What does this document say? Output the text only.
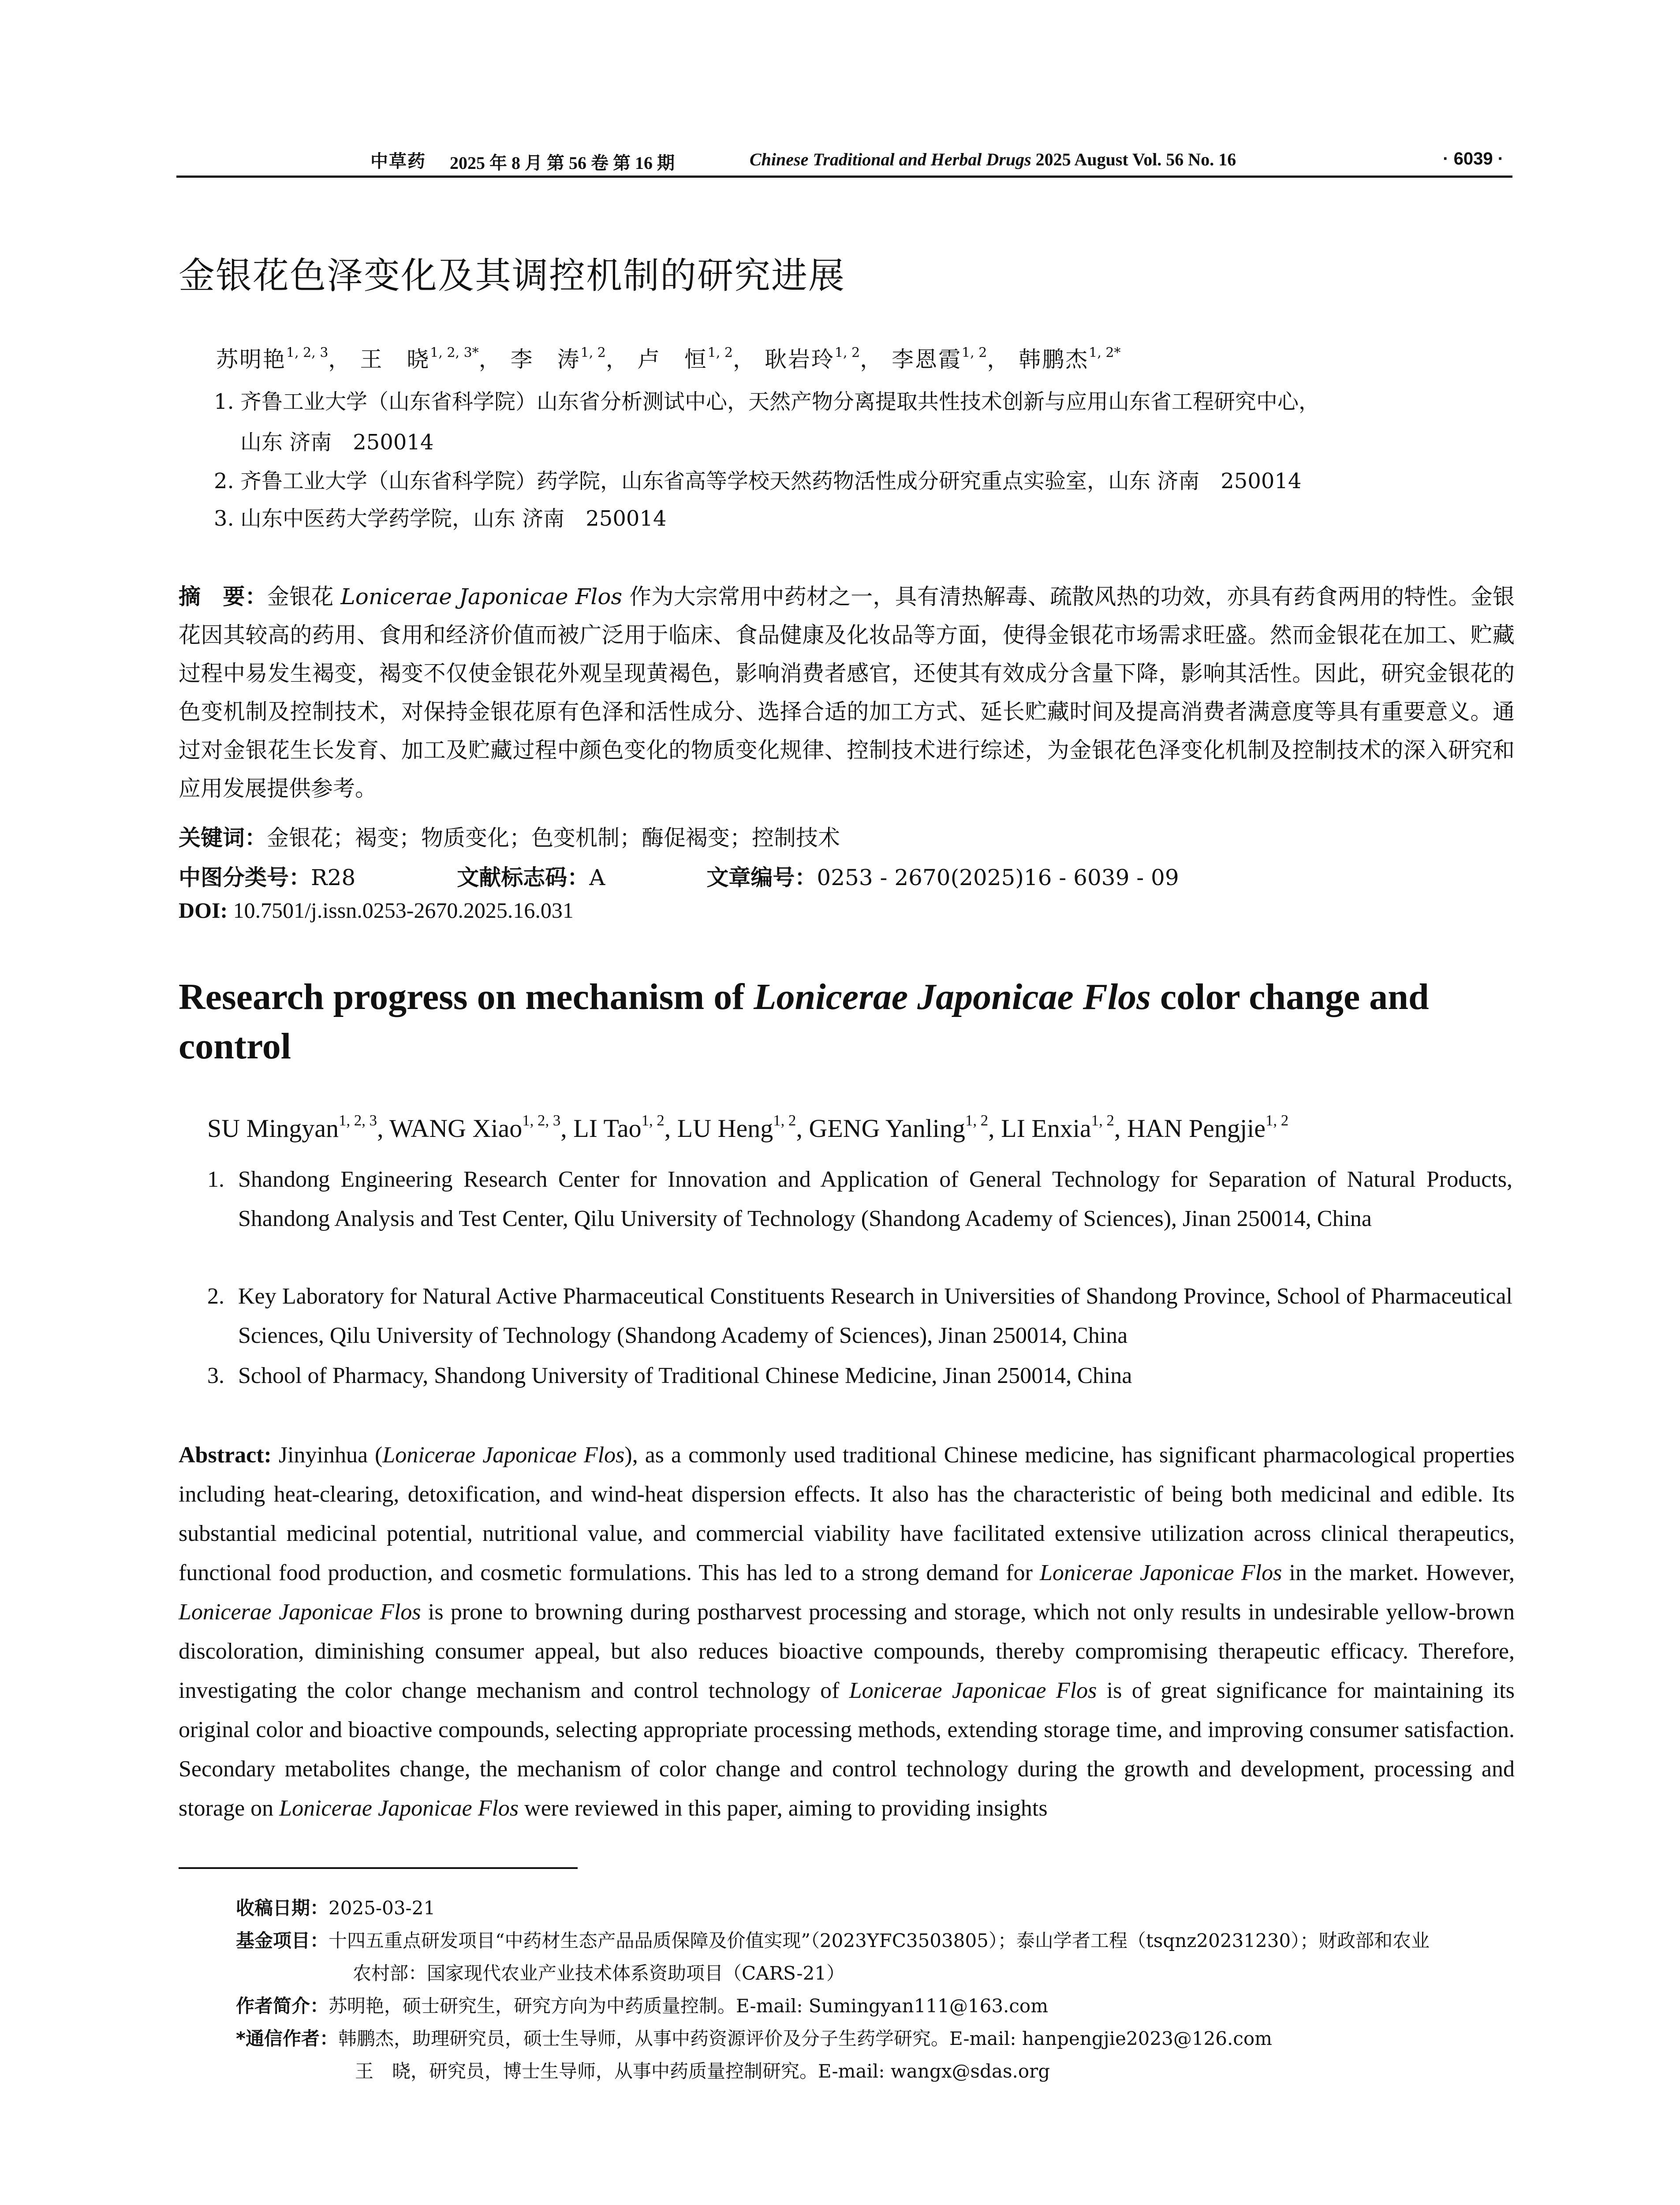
中草药 2025 年 8 月 第 56 卷 第 16 期	Chinese Traditional and Herbal Drugs 2025 August Vol. 56 No. 16	· 6039 ·
金银花色泽变化及其调控机制的研究进展
苏明艳$^{1, 2, 3}$， 王　晓$^{1, 2, 3*}$， 李　涛$^{1, 2}$， 卢　恒$^{1, 2}$， 耿岩玲$^{1, 2}$， 李恩霞$^{1, 2}$， 韩鹏杰$^{1, 2*}$
1. 齐鲁工业大学（山东省科学院）山东省分析测试中心，天然产物分离提取共性技术创新与应用山东省工程研究中心，
山东 济南　250014
2. 齐鲁工业大学（山东省科学院）药学院，山东省高等学校天然药物活性成分研究重点实验室，山东 济南　250014
3. 山东中医药大学药学院，山东 济南　250014
摘　要：金银花 Lonicerae Japonicae Flos 作为大宗常用中药材之一，具有清热解毒、疏散风热的功效，亦具有药食两用的特性。金银花因其较高的药用、食用和经济价值而被广泛用于临床、食品健康及化妆品等方面，使得金银花市场需求旺盛。然而金银花在加工、贮藏过程中易发生褐变，褐变不仅使金银花外观呈现黄褐色，影响消费者感官，还使其有效成分含量下降，影响其活性。因此，研究金银花的色变机制及控制技术，对保持金银花原有色泽和活性成分、选择合适的加工方式、延长贮藏时间及提高消费者满意度等具有重要意义。通过对金银花生长发育、加工及贮藏过程中颜色变化的物质变化规律、控制技术进行综述，为金银花色泽变化机制及控制技术的深入研究和应用发展提供参考。
关键词：金银花；褐变；物质变化；色变机制；酶促褐变；控制技术
中图分类号：R28	文献标志码：A	文章编号：0253 - 2670(2025)16 - 6039 - 09
DOI: 10.7501/j.issn.0253-2670.2025.16.031
Research progress on mechanism of Lonicerae Japonicae Flos color change and control
SU Mingyan$^{1, 2, 3}$, WANG Xiao$^{1, 2, 3}$, LI Tao$^{1, 2}$, LU Heng$^{1, 2}$, GENG Yanling$^{1, 2}$, LI Enxia$^{1, 2}$, HAN Pengjie$^{1, 2}$
1. Shandong Engineering Research Center for Innovation and Application of General Technology for Separation of Natural Products, Shandong Analysis and Test Center, Qilu University of Technology (Shandong Academy of Sciences), Jinan 250014, China
2. Key Laboratory for Natural Active Pharmaceutical Constituents Research in Universities of Shandong Province, School of Pharmaceutical Sciences, Qilu University of Technology (Shandong Academy of Sciences), Jinan 250014, China
3. School of Pharmacy, Shandong University of Traditional Chinese Medicine, Jinan 250014, China
Abstract: Jinyinhua (Lonicerae Japonicae Flos), as a commonly used traditional Chinese medicine, has significant pharmacological properties including heat-clearing, detoxification, and wind-heat dispersion effects. It also has the characteristic of being both medicinal and edible. Its substantial medicinal potential, nutritional value, and commercial viability have facilitated extensive utilization across clinical therapeutics, functional food production, and cosmetic formulations. This has led to a strong demand for Lonicerae Japonicae Flos in the market. However, Lonicerae Japonicae Flos is prone to browning during postharvest processing and storage, which not only results in undesirable yellow-brown discoloration, diminishing consumer appeal, but also reduces bioactive compounds, thereby compromising therapeutic efficacy. Therefore, investigating the color change mechanism and control technology of Lonicerae Japonicae Flos is of great significance for maintaining its original color and bioactive compounds, selecting appropriate processing methods, extending storage time, and improving consumer satisfaction. Secondary metabolites change, the mechanism of color change and control technology during the growth and development, processing and storage on Lonicerae Japonicae Flos were reviewed in this paper, aiming to providing insights
收稿日期： 2025-03-21
基金项目： 十四五重点研发项目“中药材生态产品品质保障及价值实现”（2023YFC3503805）；泰山学者工程（tsqnz20231230）；财政部和农业
农村部：国家现代农业产业技术体系资助项目（CARS-21）
作者简介： 苏明艳，硕士研究生，研究方向为中药质量控制。E-mail: Sumingyan111@163.com
*通信作者： 韩鹏杰，助理研究员，硕士生导师，从事中药资源评价及分子生药学研究。E-mail: hanpengjie2023@126.com
王　晓，研究员，博士生导师，从事中药质量控制研究。E-mail: wangx@sdas.org
